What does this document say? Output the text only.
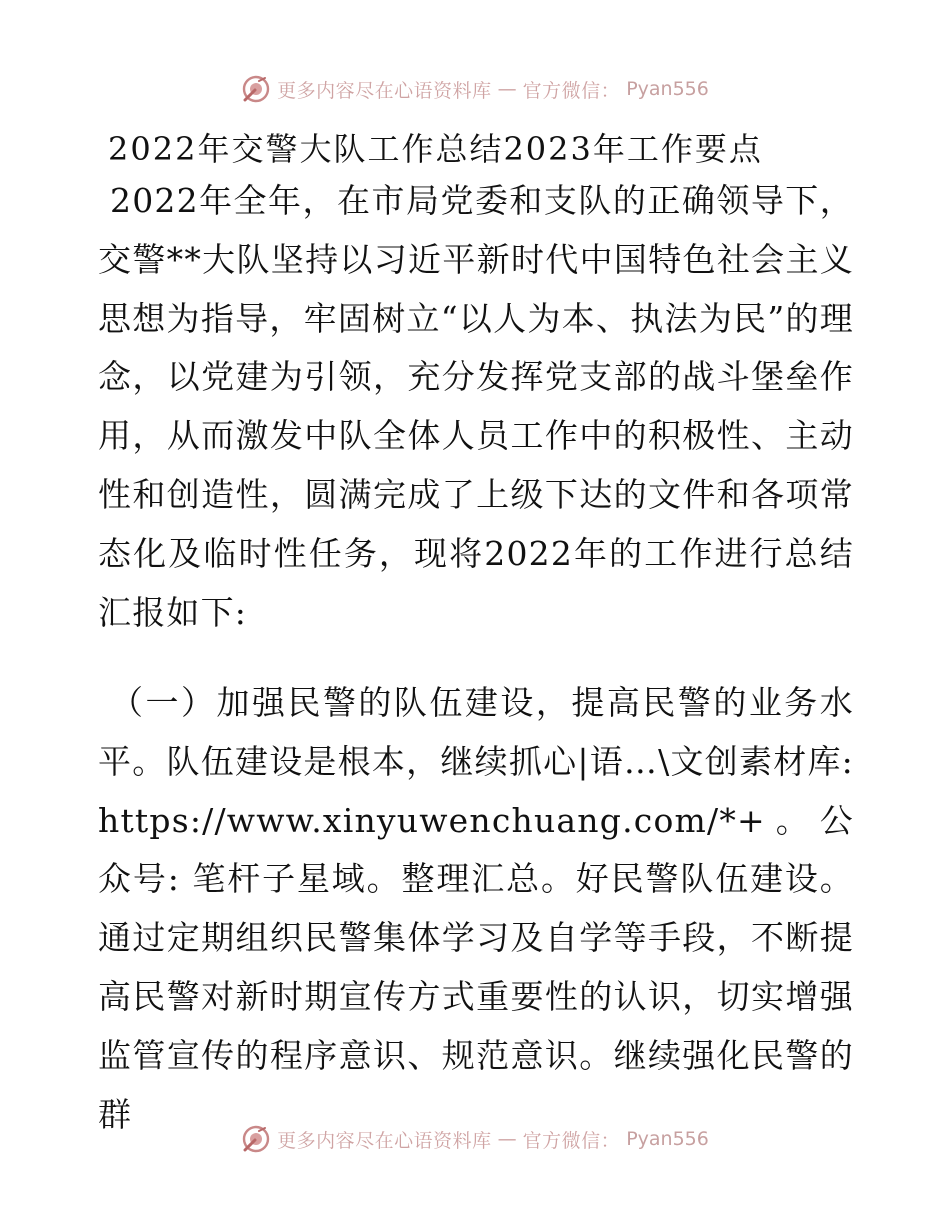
更多内容尽在心语资料库 — 官方微信： Pyan556
2022年交警大队工作总结2023年工作要点

2022年全年，在市局党委和支队的正确领导下，交警**大队坚持以习近平新时代中国特色社会主义思想为指导，牢固树立“以人为本、执法为民”的理念，以党建为引领，充分发挥党支部的战斗堡垒作用，从而激发中队全体人员工作中的积极性、主动性和创造性，圆满完成了上级下达的文件和各项常态化及临时性任务，现将2022年的工作进行总结汇报如下:

（一）加强民警的队伍建设，提高民警的业务水平。队伍建设是根本，继续抓心|语…\文创素材库: https://www.xinyuwenchuang.com/*+。公众号: 笔杆子星域。整理汇总。好民警队伍建设。通过定期组织民警集体学习及自学等手段，不断提高民警对新时期宣传方式重要性的认识，切实增强监管宣传的程序意识、规范意识。继续强化民警的群

更多内容尽在心语资料库 — 官方微信： Pyan556
